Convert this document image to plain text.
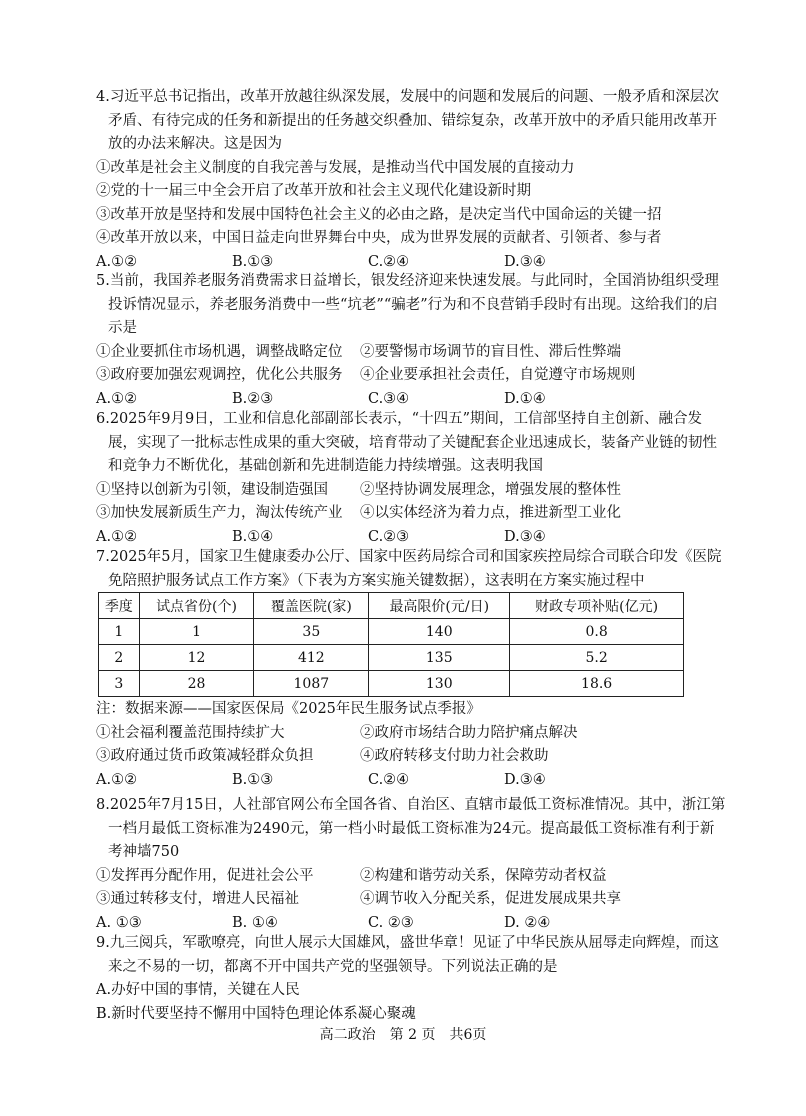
4.习近平总书记指出，改革开放越往纵深发展，发展中的问题和发展后的问题、一般矛盾和深层次矛盾、有待完成的任务和新提出的任务越交织叠加、错综复杂，改革开放中的矛盾只能用改革开放的办法来解决。这是因为

①改革是社会主义制度的自我完善与发展，是推动当代中国发展的直接动力

②党的十一届三中全会开启了改革开放和社会主义现代化建设新时期

③改革开放是坚持和发展中国特色社会主义的必由之路，是决定当代中国命运的关键一招

④改革开放以来，中国日益走向世界舞台中央，成为世界发展的贡献者、引领者、参与者

A.①②	B.①③	C.②④	D.③④

5.当前，我国养老服务消费需求日益增长，银发经济迎来快速发展。与此同时，全国消协组织受理投诉情况显示，养老服务消费中一些“坑老”“骗老”行为和不良营销手段时有出现。这给我们的启示是

①企业要抓住市场机遇，调整战略定位	②要警惕市场调节的盲目性、滞后性弊端
③政府要加强宏观调控，优化公共服务	④企业要承担社会责任，自觉遵守市场规则
A.①②	B.②③	C.③④	D.①④

6.2025年9月9日，工业和信息化部副部长表示，“十四五”期间，工信部坚持自主创新、融合发展，实现了一批标志性成果的重大突破，培育带动了关键配套企业迅速成长，装备产业链的韧性和竞争力不断优化，基础创新和先进制造能力持续增强。这表明我国

①坚持以创新为引领，建设制造强国	②坚持协调发展理念，增强发展的整体性
③加快发展新质生产力，淘汰传统产业	④以实体经济为着力点，推进新型工业化
A.①②	B.①④	C.②③	D.③④

7.2025年5月，国家卫生健康委办公厅、国家中医药局综合司和国家疾控局综合司联合印发《医院免陪照护服务试点工作方案》（下表为方案实施关键数据），这表明在方案实施过程中

季度	试点省份(个)	覆盖医院(家)	最高限价(元/日)	财政专项补贴(亿元)
1	1	35	140	0.8
2	12	412	135	5.2
3	28	1087	130	18.6

注：数据来源——国家医保局《2025年民生服务试点季报》

①社会福利覆盖范围持续扩大	②政府市场结合助力陪护痛点解决
③政府通过货币政策减轻群众负担	④政府转移支付助力社会救助
A.①②	B.①③	C.②④	D.③④

8.2025年7月15日，人社部官网公布全国各省、自治区、直辖市最低工资标准情况。其中，浙江第一档月最低工资标准为2490元，第一档小时最低工资标准为24元。提高最低工资标准有利于新考神墙750

①发挥再分配作用，促进社会公平	②构建和谐劳动关系，保障劳动者权益
③通过转移支付，增进人民福祉	④调节收入分配关系，促进发展成果共享
A. ①③	B. ①④	C. ②③	D. ②④

9.九三阅兵，军歌嘹亮，向世人展示大国雄风，盛世华章！见证了中华民族从屈辱走向辉煌，而这来之不易的一切，都离不开中国共产党的坚强领导。下列说法正确的是

A.办好中国的事情，关键在人民

B.新时代要坚持不懈用中国特色理论体系凝心聚魂

高二政治　第 2 页　共6页
